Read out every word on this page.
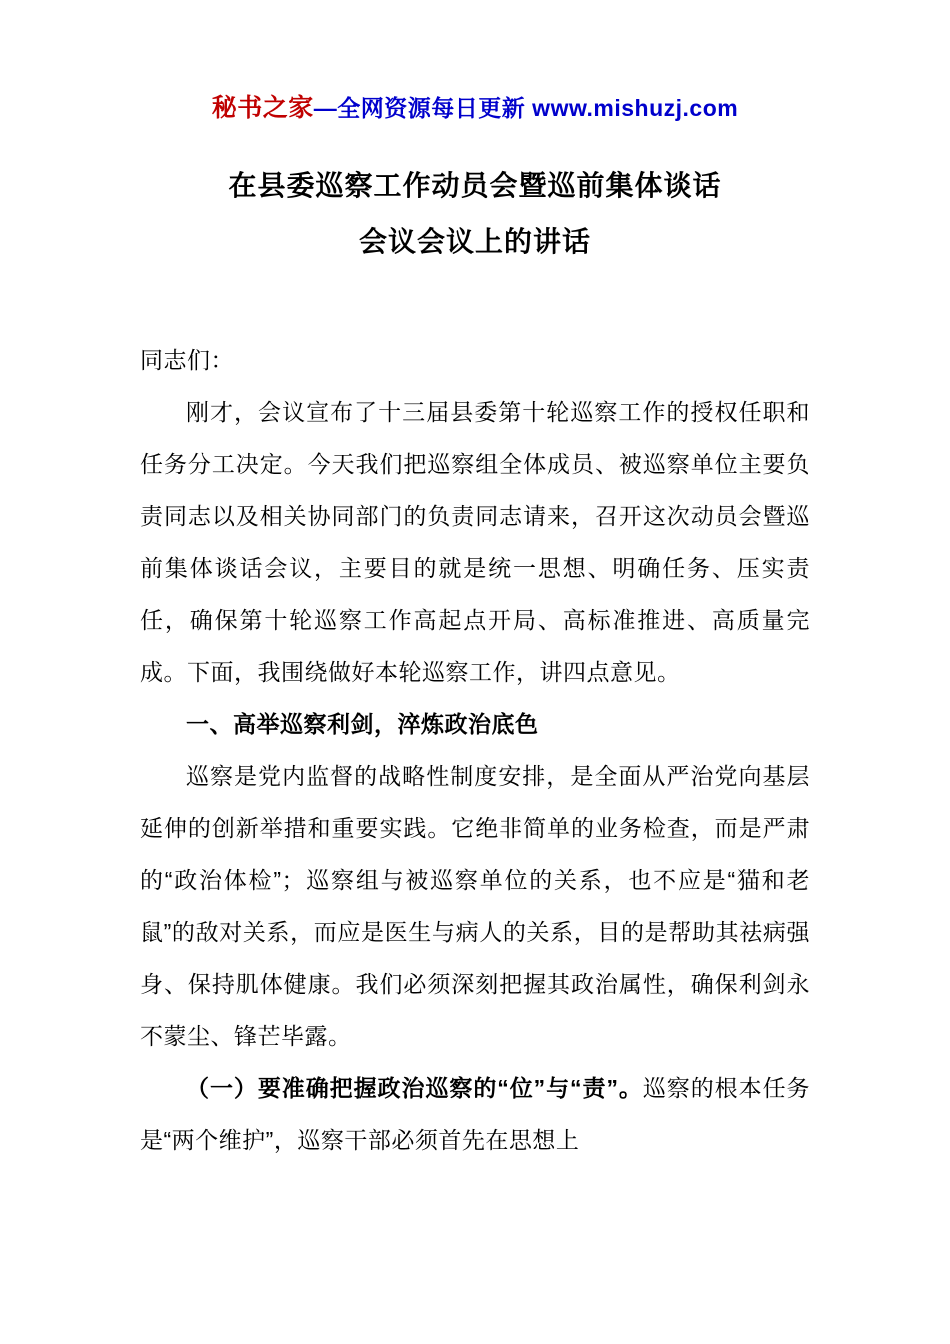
秘书之家—全网资源每日更新 www.mishuzj.com
在县委巡察工作动员会暨巡前集体谈话
会议会议上的讲话

同志们：

刚才，会议宣布了十三届县委第十轮巡察工作的授权任职和任务分工决定。今天我们把巡察组全体成员、被巡察单位主要负责同志以及相关协同部门的负责同志请来，召开这次动员会暨巡前集体谈话会议，主要目的就是统一思想、明确任务、压实责任，确保第十轮巡察工作高起点开局、高标准推进、高质量完成。下面，我围绕做好本轮巡察工作，讲四点意见。

一、高举巡察利剑，淬炼政治底色

巡察是党内监督的战略性制度安排，是全面从严治党向基层延伸的创新举措和重要实践。它绝非简单的业务检查，而是严肃的“政治体检”；巡察组与被巡察单位的关系，也不应是“猫和老鼠”的敌对关系，而应是医生与病人的关系，目的是帮助其祛病强身、保持肌体健康。我们必须深刻把握其政治属性，确保利剑永不蒙尘、锋芒毕露。

（一）要准确把握政治巡察的“位”与“责”。巡察的根本任务是“两个维护”，巡察干部必须首先在思想上
